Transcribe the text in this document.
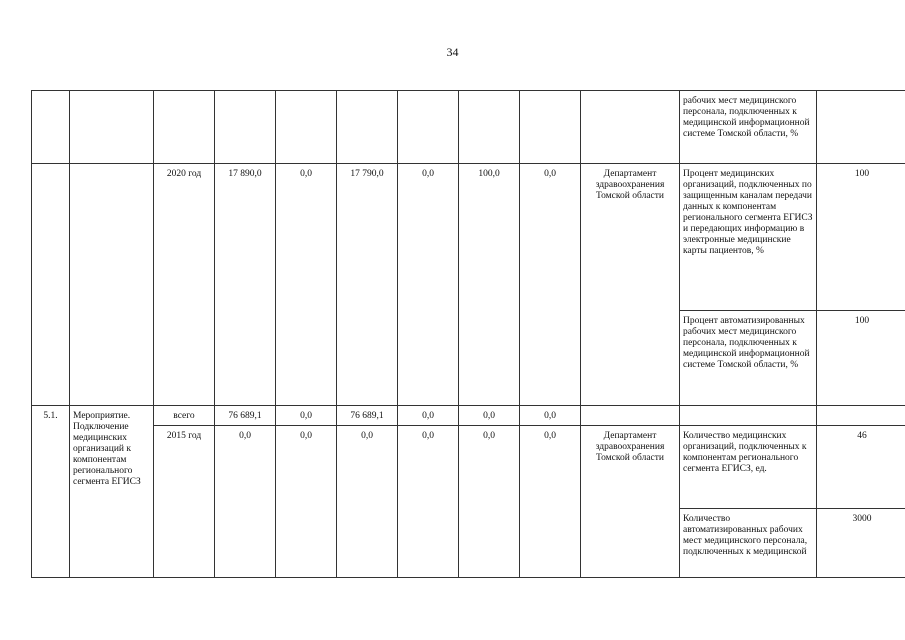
34
										рабочих мест медицинского персонала, подключенных к медицинской информационной системе Томской области, %	
		2020 год	17 890,0	0,0	17 790,0	0,0	100,0	0,0	Департамент здравоохранения Томской области	Процент медицинских организаций, подключенных по защищенным каналам передачи данных к компонентам регионального сегмента ЕГИСЗ и передающих информацию в электронные медицинские карты пациентов, %	100
										Процент автоматизированных рабочих мест медицинского персонала, подключенных к медицинской информационной системе Томской области, %	100
5.1.	Мероприятие. Подключение медицинских организаций к компонентам регионального сегмента ЕГИСЗ	всего	76 689,1	0,0	76 689,1	0,0	0,0	0,0			
		2015 год	0,0	0,0	0,0	0,0	0,0	0,0	Департамент здравоохранения Томской области	Количество медицинских организаций, подключенных к компонентам регионального сегмента ЕГИСЗ, ед.	46
										Количество автоматизированных рабочих мест медицинского персонала, подключенных к медицинской	3000
